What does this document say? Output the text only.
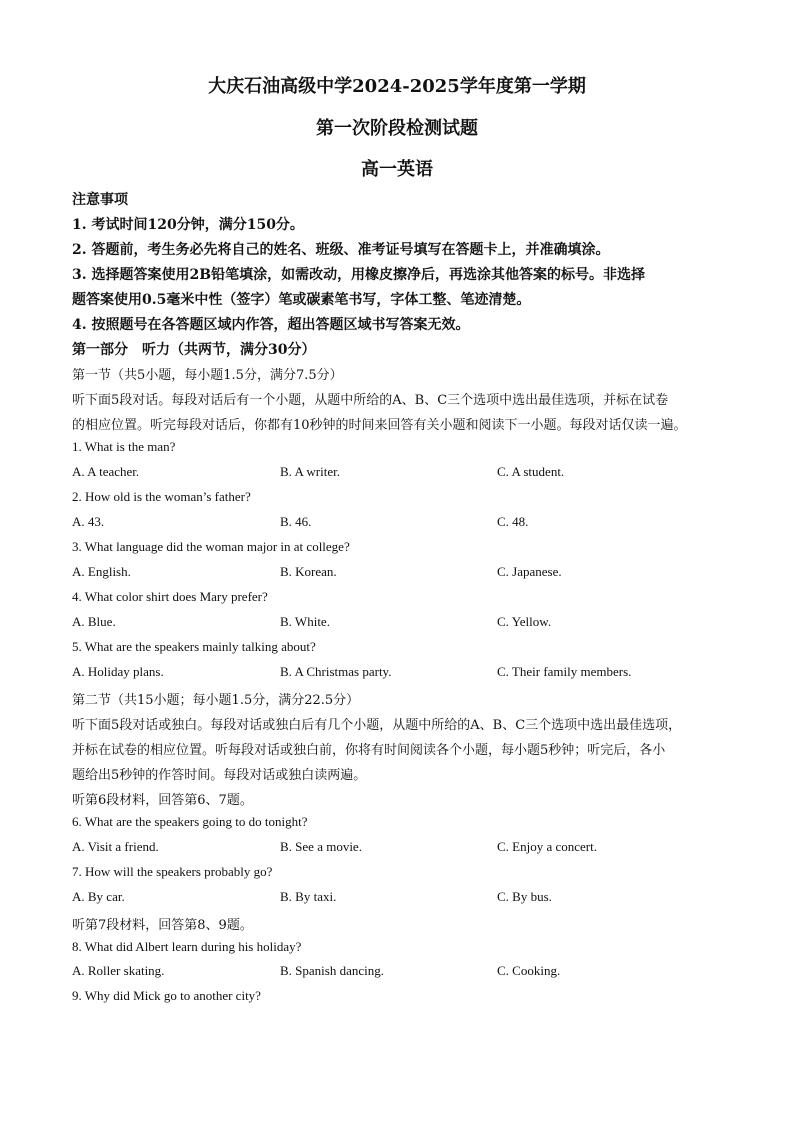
大庆石油高级中学2024-2025学年度第一学期
第一次阶段检测试题
高一英语

注意事项

1. 考试时间120分钟，满分150分。

2. 答题前，考生务必先将自己的姓名、班级、准考证号填写在答题卡上，并准确填涂。

3. 选择题答案使用2B铅笔填涂，如需改动，用橡皮擦净后，再选涂其他答案的标号。非选择

题答案使用0.5毫米中性（签字）笔或碳素笔书写，字体工整、笔迹清楚。

4. 按照题号在各答题区域内作答，超出答题区域书写答案无效。

第一部分　听力（共两节，满分30分）

第一节（共5小题，每小题1.5分，满分7.5分）

听下面5段对话。每段对话后有一个小题，从题中所给的A、B、C三个选项中选出最佳选项，并标在试卷

的相应位置。听完每段对话后，你都有10秒钟的时间来回答有关小题和阅读下一小题。每段对话仅读一遍。

1. What is the man?

A. A teacher.	B. A writer.	C. A student.

2. How old is the woman’s father?

A. 43.	B. 46.	C. 48.

3. What language did the woman major in at college?

A. English.	B. Korean.	C. Japanese.

4. What color shirt does Mary prefer?

A. Blue.	B. White.	C. Yellow.

5. What are the speakers mainly talking about?

A. Holiday plans.	B. A Christmas party.	C. Their family members.

第二节（共15小题；每小题1.5分，满分22.5分）

听下面5段对话或独白。每段对话或独白后有几个小题，从题中所给的A、B、C三个选项中选出最佳选项，

并标在试卷的相应位置。听每段对话或独白前，你将有时间阅读各个小题，每小题5秒钟；听完后，各小

题给出5秒钟的作答时间。每段对话或独白读两遍。

听第6段材料，回答第6、7题。

6. What are the speakers going to do tonight?

A. Visit a friend.	B. See a movie.	C. Enjoy a concert.

7. How will the speakers probably go?

A. By car.	B. By taxi.	C. By bus.

听第7段材料，回答第8、9题。

8. What did Albert learn during his holiday?

A. Roller skating.	B. Spanish dancing.	C. Cooking.

9. Why did Mick go to another city?
